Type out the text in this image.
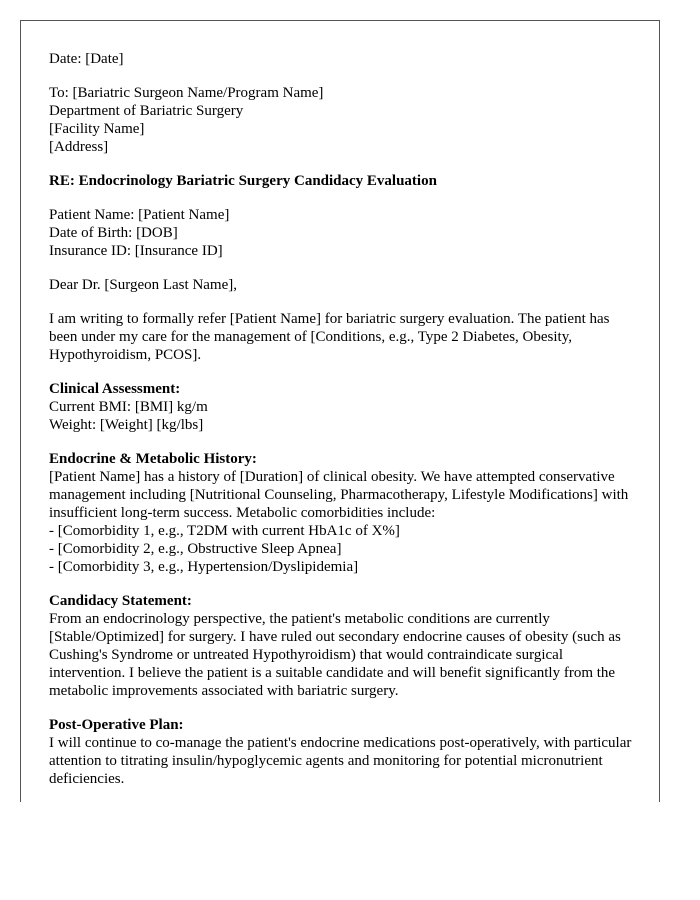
Date: [Date]
To: [Bariatric Surgeon Name/Program Name]
Department of Bariatric Surgery
[Facility Name]
[Address]
RE: Endocrinology Bariatric Surgery Candidacy Evaluation
Patient Name: [Patient Name]
Date of Birth: [DOB]
Insurance ID: [Insurance ID]
Dear Dr. [Surgeon Last Name],
I am writing to formally refer [Patient Name] for bariatric surgery evaluation. The patient has been under my care for the management of [Conditions, e.g., Type 2 Diabetes, Obesity, Hypothyroidism, PCOS].
Clinical Assessment:
Current BMI: [BMI] kg/m
Weight: [Weight] [kg/lbs]
Endocrine & Metabolic History:
[Patient Name] has a history of [Duration] of clinical obesity. We have attempted conservative management including [Nutritional Counseling, Pharmacotherapy, Lifestyle Modifications] with insufficient long-term success. Metabolic comorbidities include:
- [Comorbidity 1, e.g., T2DM with current HbA1c of X%]
- [Comorbidity 2, e.g., Obstructive Sleep Apnea]
- [Comorbidity 3, e.g., Hypertension/Dyslipidemia]
Candidacy Statement:
From an endocrinology perspective, the patient's metabolic conditions are currently [Stable/Optimized] for surgery. I have ruled out secondary endocrine causes of obesity (such as Cushing's Syndrome or untreated Hypothyroidism) that would contraindicate surgical intervention. I believe the patient is a suitable candidate and will benefit significantly from the metabolic improvements associated with bariatric surgery.
Post-Operative Plan:
I will continue to co-manage the patient's endocrine medications post-operatively, with particular attention to titrating insulin/hypoglycemic agents and monitoring for potential micronutrient deficiencies.
